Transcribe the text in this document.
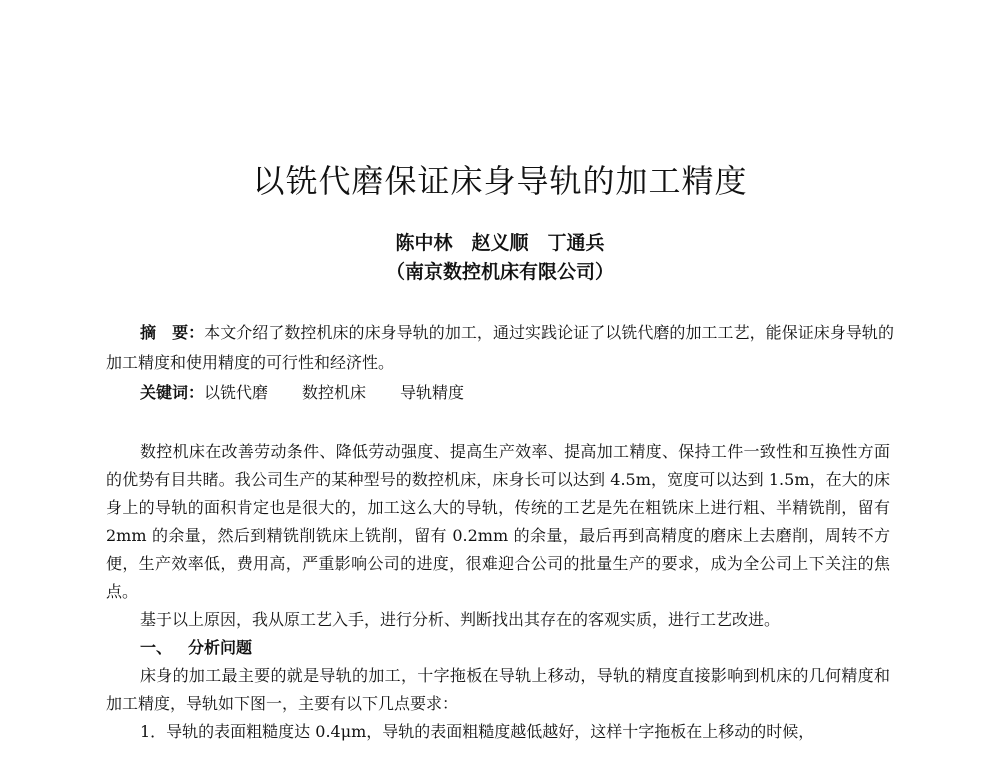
以铣代磨保证床身导轨的加工精度
陈中林　赵义顺　丁通兵
（南京数控机床有限公司）
摘　要：本文介绍了数控机床的床身导轨的加工，通过实践论证了以铣代磨的加工工艺，能保证床身导轨的加工精度和使用精度的可行性和经济性。
关键词：以铣代磨 数控机床 导轨精度

数控机床在改善劳动条件、降低劳动强度、提高生产效率、提高加工精度、保持工件一致性和互换性方面的优势有目共睹。我公司生产的某种型号的数控机床，床身长可以达到 4.5m，宽度可以达到 1.5m，在大的床身上的导轨的面积肯定也是很大的，加工这么大的导轨，传统的工艺是先在粗铣床上进行粗、半精铣削，留有 2mm 的余量，然后到精铣削铣床上铣削，留有 0.2mm 的余量，最后再到高精度的磨床上去磨削，周转不方便，生产效率低，费用高，严重影响公司的进度，很难迎合公司的批量生产的要求，成为全公司上下关注的焦点。

基于以上原因，我从原工艺入手，进行分析、判断找出其存在的客观实质，进行工艺改进。

一、 分析问题

床身的加工最主要的就是导轨的加工，十字拖板在导轨上移动，导轨的精度直接影响到机床的几何精度和加工精度，导轨如下图一，主要有以下几点要求：

1．导轨的表面粗糙度达 0.4μm，导轨的表面粗糙度越低越好，这样十字拖板在上移动的时候，
